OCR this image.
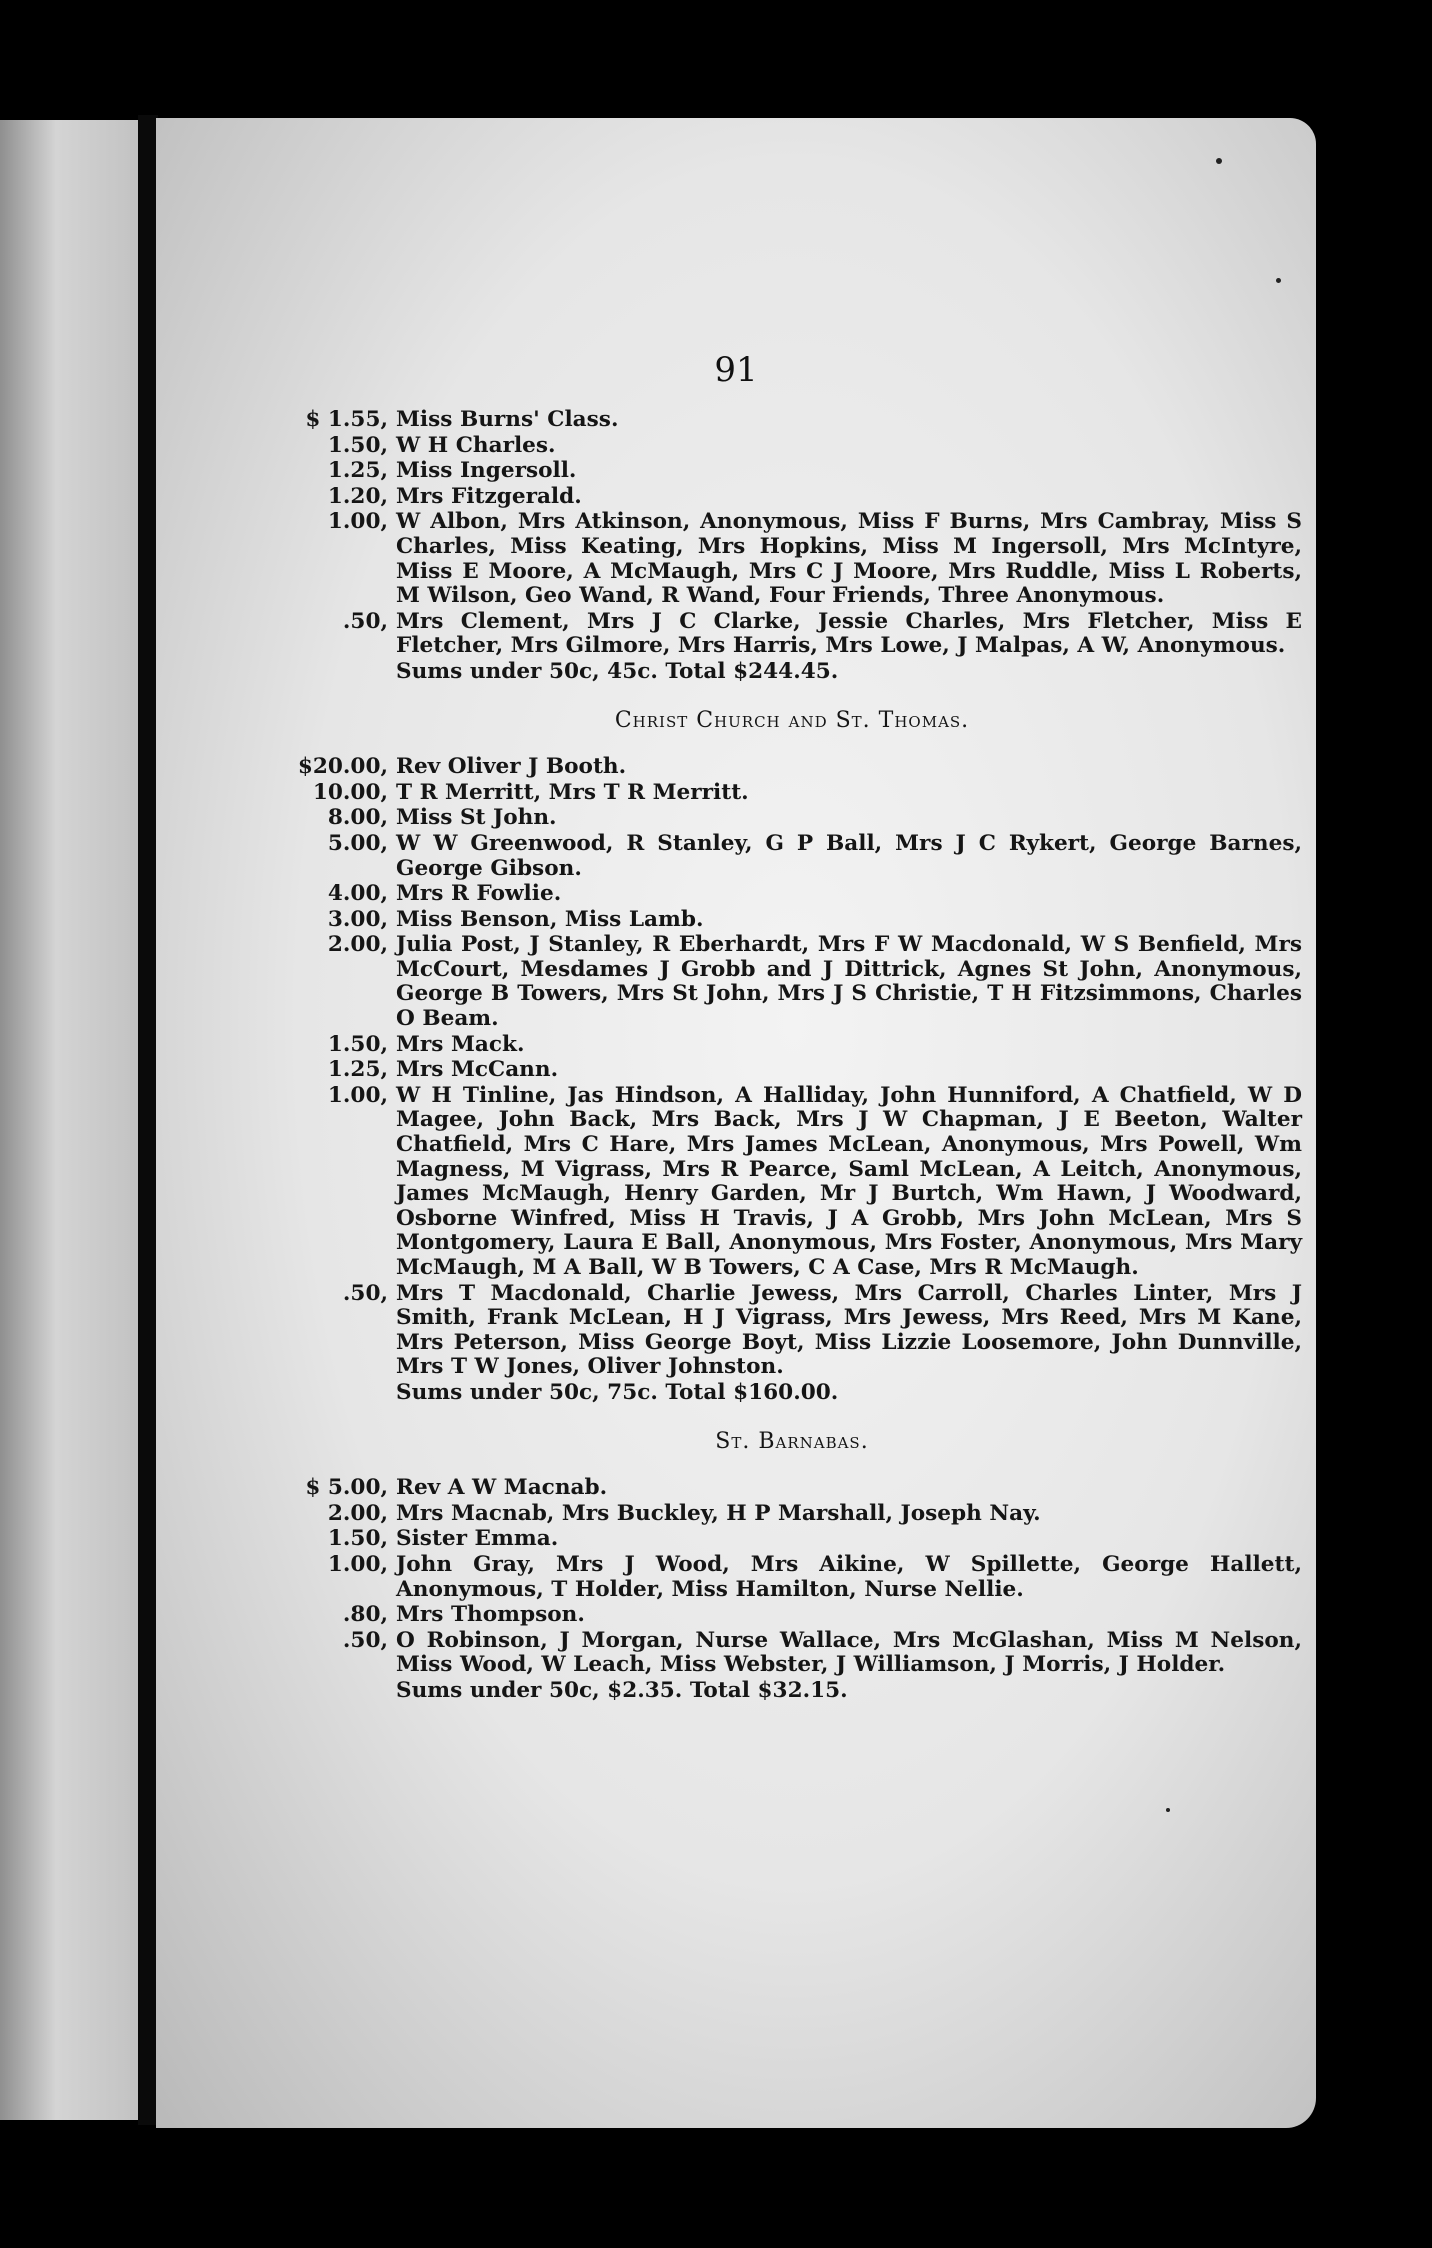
91
$ 1.55, Miss Burns' Class.
1.50, W H Charles.
1.25, Miss Ingersoll.
1.20, Mrs Fitzgerald.
1.00, W Albon, Mrs Atkinson, Anonymous, Miss F Burns, Mrs Cambray, Miss S Charles, Miss Keating, Mrs Hopkins, Miss M Ingersoll, Mrs McIntyre, Miss E Moore, A McMaugh, Mrs C J Moore, Mrs Ruddle, Miss L Roberts, M Wilson, Geo Wand, R Wand, Four Friends, Three Anonymous.
.50, Mrs Clement, Mrs J C Clarke, Jessie Charles, Mrs Fletcher, Miss E Fletcher, Mrs Gilmore, Mrs Harris, Mrs Lowe, J Malpas, A W, Anonymous.
Sums under 50c, 45c. Total $244.45.
Christ Church and St. Thomas.
$20.00, Rev Oliver J Booth.
10.00, T R Merritt, Mrs T R Merritt.
8.00, Miss St John.
5.00, W W Greenwood, R Stanley, G P Ball, Mrs J C Rykert, George Barnes, George Gibson.
4.00, Mrs R Fowlie.
3.00, Miss Benson, Miss Lamb.
2.00, Julia Post, J Stanley, R Eberhardt, Mrs F W Macdonald, W S Benfield, Mrs McCourt, Mesdames J Grobb and J Dittrick, Agnes St John, Anonymous, George B Towers, Mrs St John, Mrs J S Christie, T H Fitzsimmons, Charles O Beam.
1.50, Mrs Mack.
1.25, Mrs McCann.
1.00, W H Tinline, Jas Hindson, A Halliday, John Hunniford, A Chatfield, W D Magee, John Back, Mrs Back, Mrs J W Chapman, J E Beeton, Walter Chatfield, Mrs C Hare, Mrs James McLean, Anonymous, Mrs Powell, Wm Magness, M Vigrass, Mrs R Pearce, Saml McLean, A Leitch, Anonymous, James McMaugh, Henry Garden, Mr J Burtch, Wm Hawn, J Woodward, Osborne Winfred, Miss H Travis, J A Grobb, Mrs John McLean, Mrs S Montgomery, Laura E Ball, Anonymous, Mrs Foster, Anonymous, Mrs Mary McMaugh, M A Ball, W B Towers, C A Case, Mrs R McMaugh.
.50, Mrs T Macdonald, Charlie Jewess, Mrs Carroll, Charles Linter, Mrs J Smith, Frank McLean, H J Vigrass, Mrs Jewess, Mrs Reed, Mrs M Kane, Mrs Peterson, Miss George Boyt, Miss Lizzie Loosemore, John Dunnville, Mrs T W Jones, Oliver Johnston.
Sums under 50c, 75c. Total $160.00.
St. Barnabas.
$ 5.00, Rev A W Macnab.
2.00, Mrs Macnab, Mrs Buckley, H P Marshall, Joseph Nay.
1.50, Sister Emma.
1.00, John Gray, Mrs J Wood, Mrs Aikine, W Spillette, George Hallett, Anonymous, T Holder, Miss Hamilton, Nurse Nellie.
.80, Mrs Thompson.
.50, O Robinson, J Morgan, Nurse Wallace, Mrs McGlashan, Miss M Nelson, Miss Wood, W Leach, Miss Webster, J Williamson, J Morris, J Holder.
Sums under 50c, $2.35. Total $32.15.
